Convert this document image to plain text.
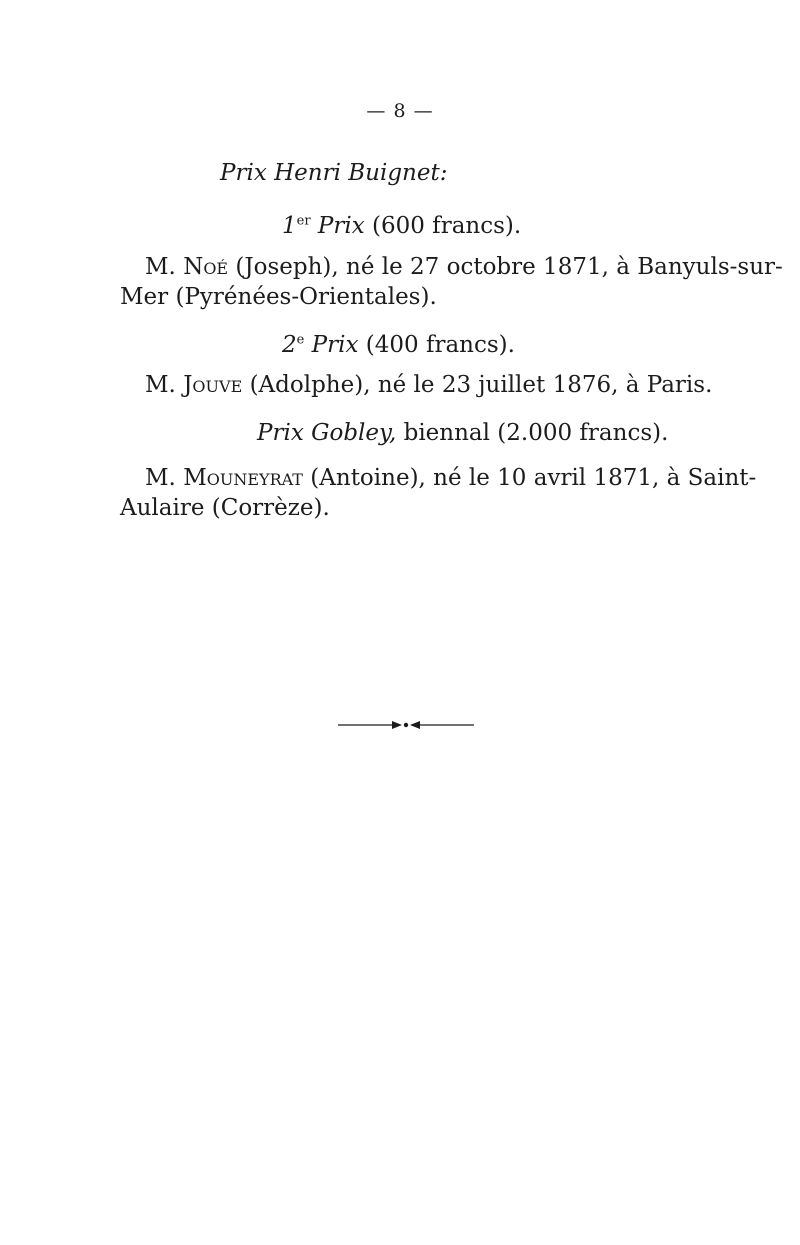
— 8 —
Prix Henri Buignet:
1er Prix (600 francs).
M. Noé (Joseph), né le 27 octobre 1871, à Banyuls-sur-
Mer (Pyrénées-Orientales).
2e Prix (400 francs).
M. Jouve (Adolphe), né le 23 juillet 1876, à Paris.
Prix Gobley, biennal (2.000 francs).
M. Mouneyrat (Antoine), né le 10 avril 1871, à Saint-
Aulaire (Corrèze).
